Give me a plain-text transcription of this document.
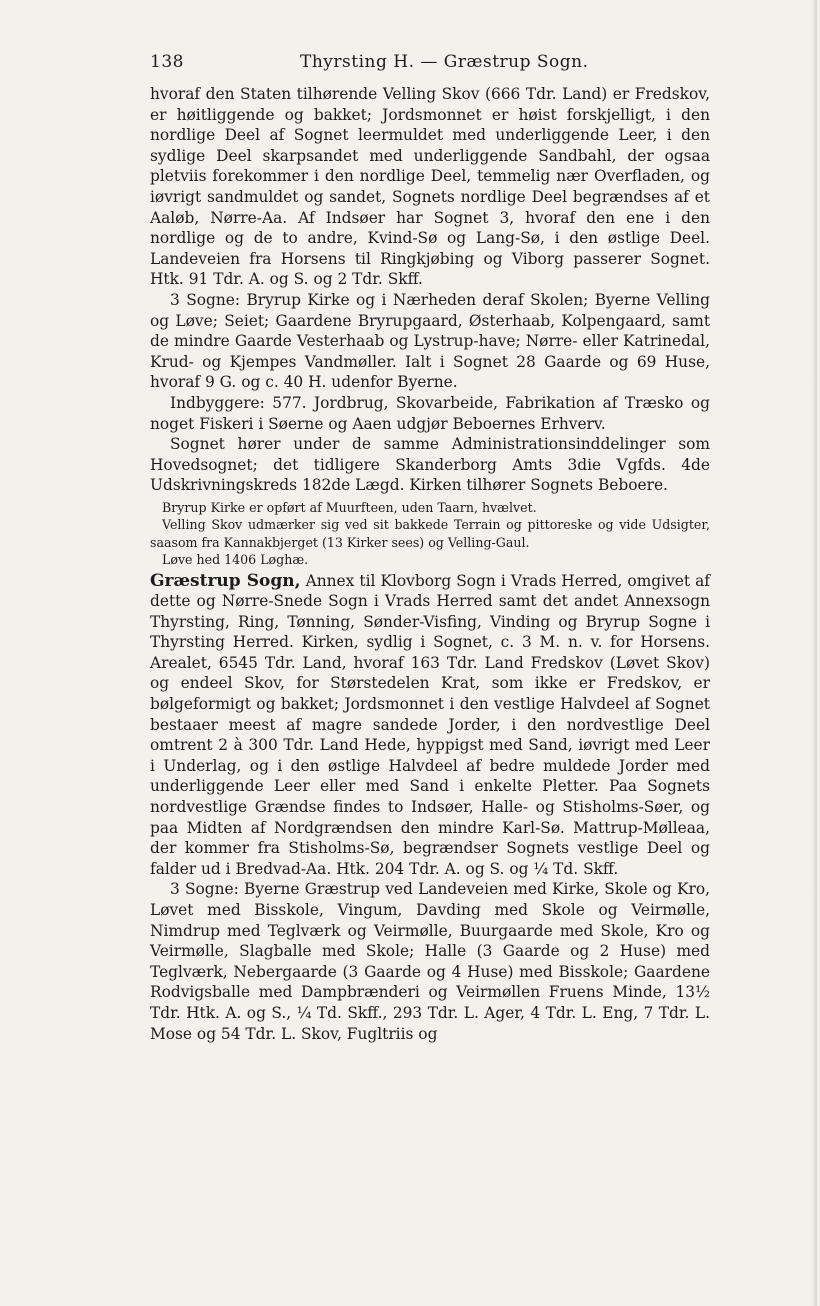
138	Thyrsting H. — Græstrup Sogn.

hvoraf den Staten tilhørende Velling Skov (666 Tdr. Land) er Fredskov, er høitliggende og bakket; Jordsmonnet er høist forskjelligt, i den nordlige Deel af Sognet leermuldet med underliggende Leer, i den sydlige Deel skarpsandet med underliggende Sandbahl, der ogsaa pletviis forekommer i den nordlige Deel, temmelig nær Overfladen, og iøvrigt sandmuldet og sandet, Sognets nordlige Deel begrændses af et Aaløb, Nørre-Aa. Af Indsøer har Sognet 3, hvoraf den ene i den nordlige og de to andre, Kvind-Sø og Lang-Sø, i den østlige Deel. Landeveien fra Horsens til Ringkjøbing og Viborg passerer Sognet. Htk. 91 Tdr. A. og S. og 2 Tdr. Skff.

3 Sogne: Bryrup Kirke og i Nærheden deraf Skolen; Byerne Velling og Løve; Seiet; Gaardene Bryrupgaard, Østerhaab, Kolpengaard, samt de mindre Gaarde Vesterhaab og Lystrup-have; Nørre- eller Katrinedal, Krud- og Kjempes Vandmøller. Ialt i Sognet 28 Gaarde og 69 Huse, hvoraf 9 G. og c. 40 H. udenfor Byerne.

Indbyggere: 577. Jordbrug, Skovarbeide, Fabrikation af Træsko og noget Fiskeri i Søerne og Aaen udgjør Beboernes Erhverv.

Sognet hører under de samme Administrationsinddelinger som Hovedsognet; det tidligere Skanderborg Amts 3die Vgfds. 4de Udskrivningskreds 182de Lægd. Kirken tilhører Sognets Beboere.

Bryrup Kirke er opført af Muurfteen, uden Taarn, hvælvet.

Velling Skov udmærker sig ved sit bakkede Terrain og pittoreske og vide Udsigter, saasom fra Kannakbjerget (13 Kirker sees) og Velling-Gaul.

Løve hed 1406 Løghæ.

Græstrup Sogn, Annex til Klovborg Sogn i Vrads Herred, omgivet af dette og Nørre-Snede Sogn i Vrads Herred samt det andet Annexsogn Thyrsting, Ring, Tønning, Sønder-Visfing, Vinding og Bryrup Sogne i Thyrsting Herred. Kirken, sydlig i Sognet, c. 3 M. n. v. for Horsens. Arealet, 6545 Tdr. Land, hvoraf 163 Tdr. Land Fredskov (Løvet Skov) og endeel Skov, for Størstedelen Krat, som ikke er Fredskov, er bølgeformigt og bakket; Jordsmonnet i den vestlige Halvdeel af Sognet bestaaer meest af magre sandede Jorder, i den nordvestlige Deel omtrent 2 à 300 Tdr. Land Hede, hyppigst med Sand, iøvrigt med Leer i Underlag, og i den østlige Halvdeel af bedre muldede Jorder med underliggende Leer eller med Sand i enkelte Pletter. Paa Sognets nordvestlige Grændse findes to Indsøer, Halle- og Stisholms-Søer, og paa Midten af Nordgrændsen den mindre Karl-Sø. Mattrup-Mølleaa, der kommer fra Stisholms-Sø, begrændser Sognets vestlige Deel og falder ud i Bredvad-Aa. Htk. 204 Tdr. A. og S. og ¼ Td. Skff.

3 Sogne: Byerne Græstrup ved Landeveien med Kirke, Skole og Kro, Løvet med Bisskole, Vingum, Davding med Skole og Veirmølle, Nimdrup med Teglværk og Veirmølle, Buurgaarde med Skole, Kro og Veirmølle, Slagballe med Skole; Halle (3 Gaarde og 2 Huse) med Teglværk, Nebergaarde (3 Gaarde og 4 Huse) med Bisskole; Gaardene Rodvigsballe med Dampbrænderi og Veirmøllen Fruens Minde, 13½ Tdr. Htk. A. og S., ¼ Td. Skff., 293 Tdr. L. Ager, 4 Tdr. L. Eng, 7 Tdr. L. Mose og 54 Tdr. L. Skov, Fugltriis og
